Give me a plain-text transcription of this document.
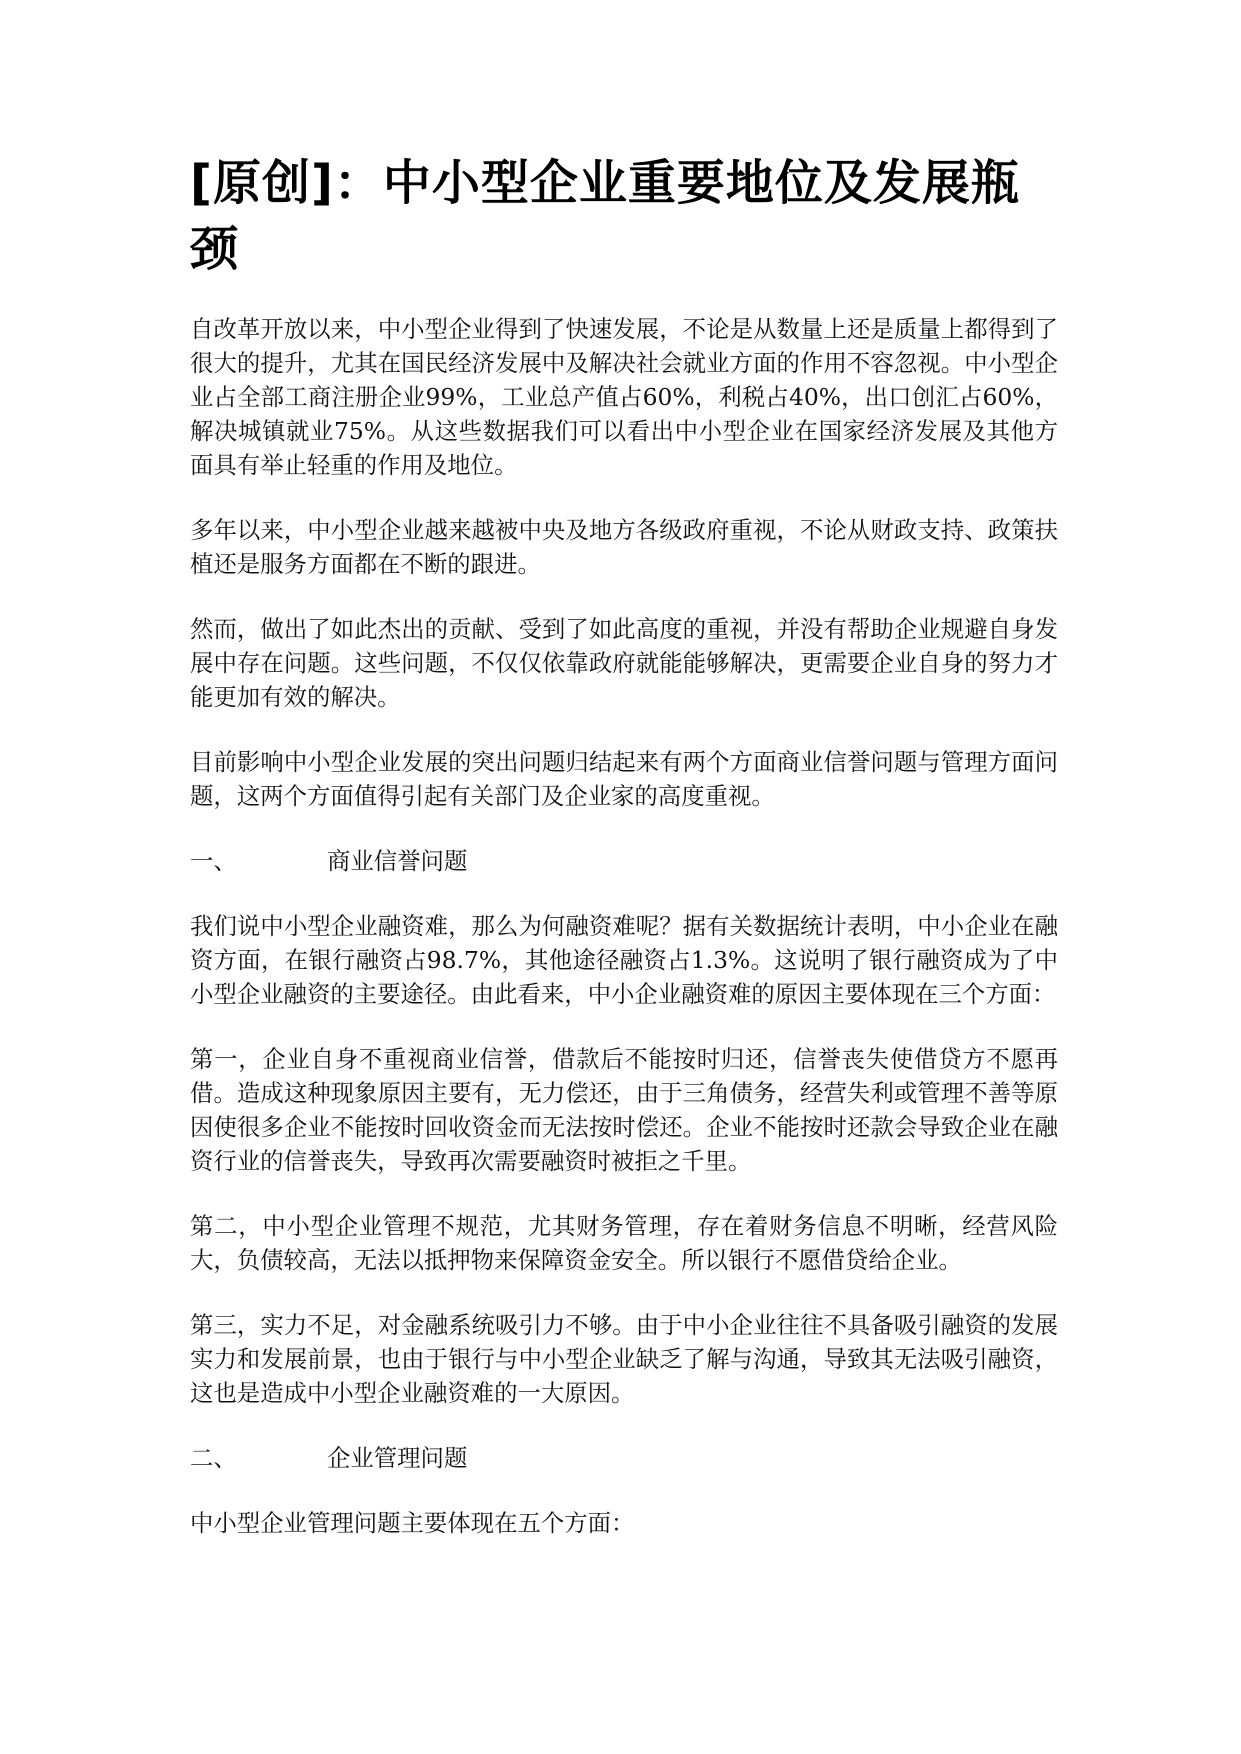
[原创]：中小型企业重要地位及发展瓶颈

自改革开放以来，中小型企业得到了快速发展，不论是从数量上还是质量上都得到了很大的提升，尤其在国民经济发展中及解决社会就业方面的作用不容忽视。中小型企业占全部工商注册企业99%，工业总产值占60%，利税占40%，出口创汇占60%，解决城镇就业75%。从这些数据我们可以看出中小型企业在国家经济发展及其他方面具有举止轻重的作用及地位。

多年以来，中小型企业越来越被中央及地方各级政府重视，不论从财政支持、政策扶植还是服务方面都在不断的跟进。

然而，做出了如此杰出的贡献、受到了如此高度的重视，并没有帮助企业规避自身发展中存在问题。这些问题，不仅仅依靠政府就能能够解决，更需要企业自身的努力才能更加有效的解决。

目前影响中小型企业发展的突出问题归结起来有两个方面商业信誉问题与管理方面问题，这两个方面值得引起有关部门及企业家的高度重视。

一、	商业信誉问题

我们说中小型企业融资难，那么为何融资难呢？据有关数据统计表明，中小企业在融资方面，在银行融资占98.7%，其他途径融资占1.3%。这说明了银行融资成为了中小型企业融资的主要途径。由此看来，中小企业融资难的原因主要体现在三个方面：

第一，企业自身不重视商业信誉，借款后不能按时归还，信誉丧失使借贷方不愿再借。造成这种现象原因主要有，无力偿还，由于三角债务，经营失利或管理不善等原因使很多企业不能按时回收资金而无法按时偿还。企业不能按时还款会导致企业在融资行业的信誉丧失，导致再次需要融资时被拒之千里。

第二，中小型企业管理不规范，尤其财务管理，存在着财务信息不明晰，经营风险大，负债较高，无法以抵押物来保障资金安全。所以银行不愿借贷给企业。

第三，实力不足，对金融系统吸引力不够。由于中小企业往往不具备吸引融资的发展实力和发展前景，也由于银行与中小型企业缺乏了解与沟通，导致其无法吸引融资，这也是造成中小型企业融资难的一大原因。

二、	企业管理问题

中小型企业管理问题主要体现在五个方面：
